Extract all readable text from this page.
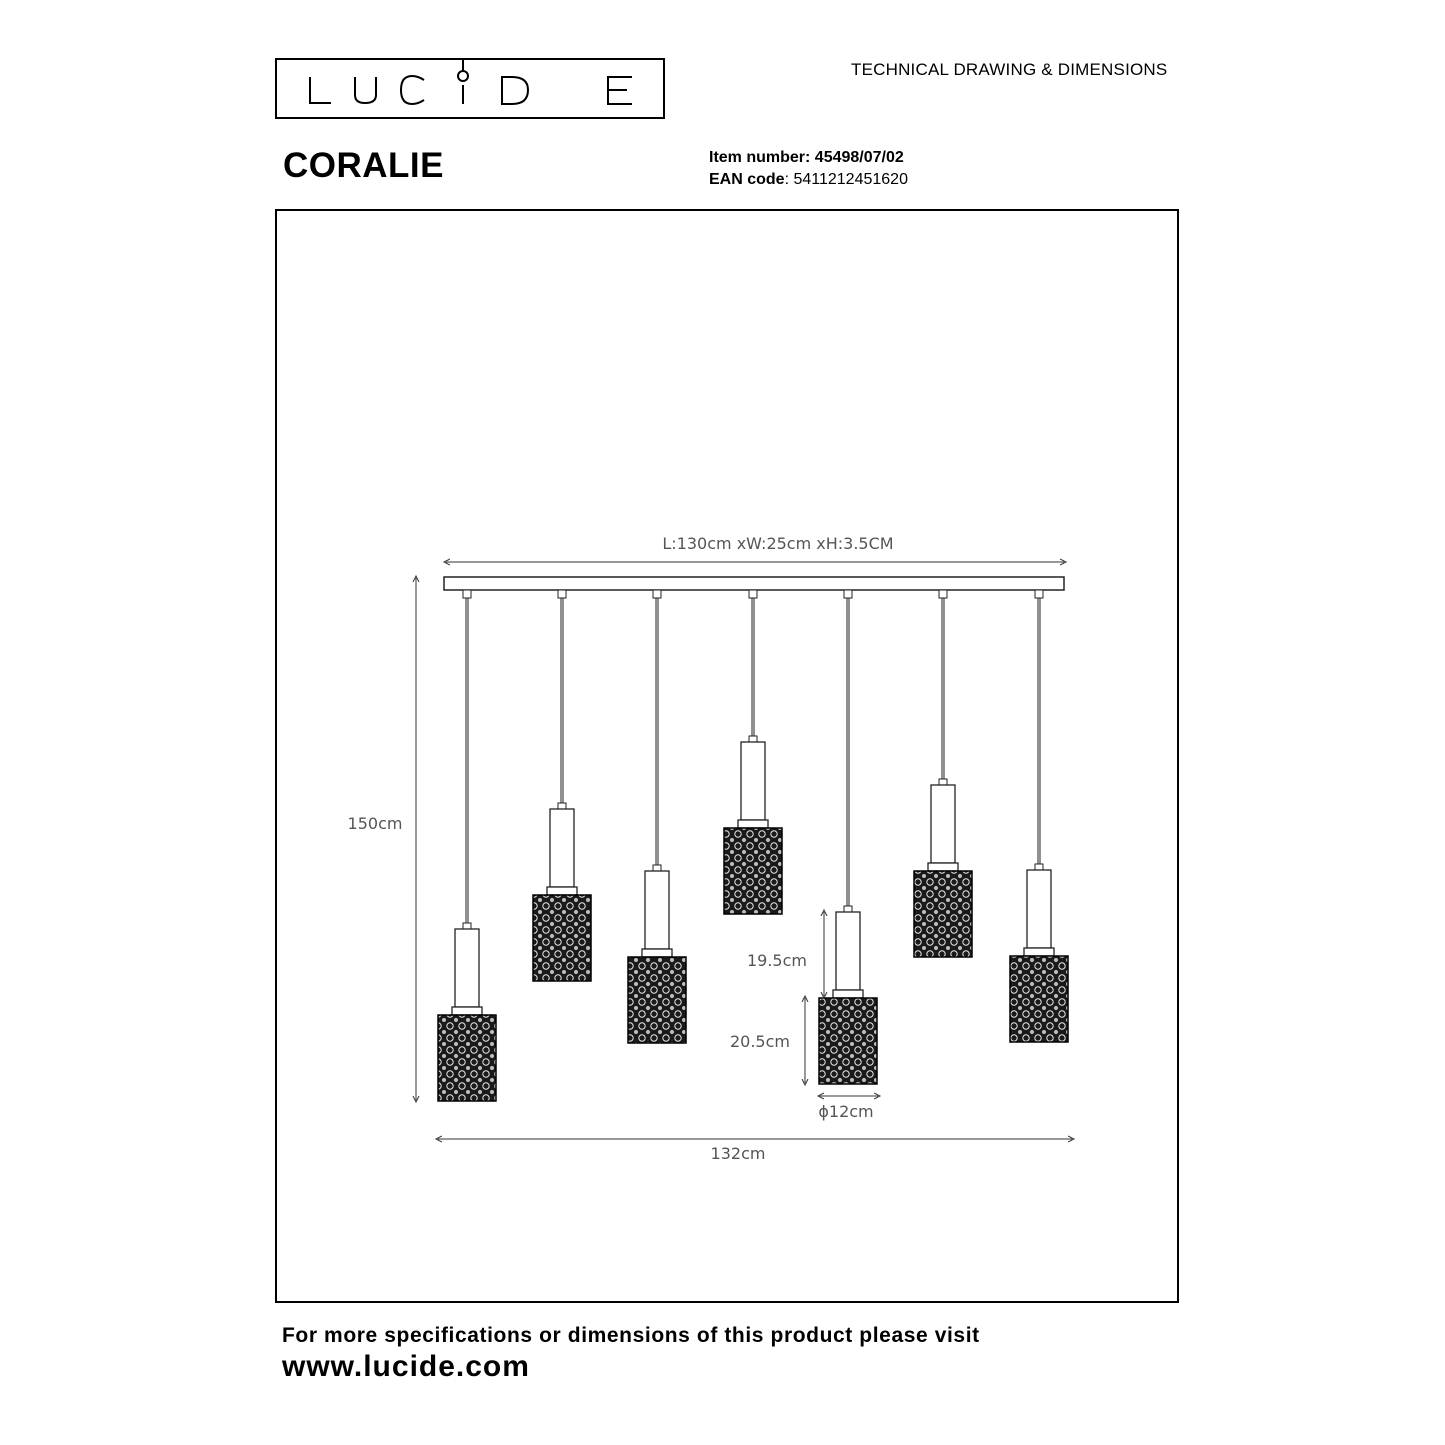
TECHNICAL DRAWING & DIMENSIONS
CORALIE	Item number: 45498/07/02
EAN code: 5411212451620
L:130cm xW:25cm xH:3.5CM
150cm
19.5cm
20.5cm
ϕ12cm
132cm
For more specifications or dimensions of this product please visit
www.lucide.com
